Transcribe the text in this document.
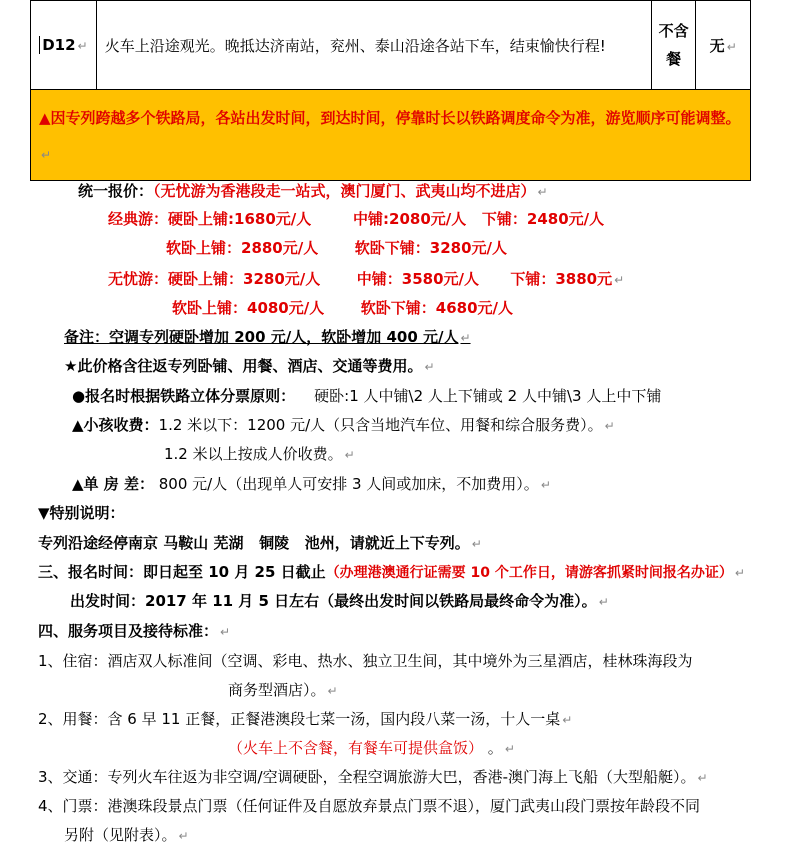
D12 ↵	火车上沿途观光。晚抵达济南站，兖州、泰山沿途各站下车，结束愉快行程!	不含
餐	无 ↵
▲因专列跨越多个铁路局，各站出发时间，到达时间，停靠时长以铁路调度命令为准，游览顺序可能调整。↵
统一报价：（无忧游为香港段走一站式，澳门厦门、武夷山均不进店） ↵
经典游：硬卧上铺:1680元/人        中铺:2080元/人   下铺：2480元/人
软卧上铺：2880元/人       软卧下铺：3280元/人
无忧游：硬卧上铺：3280元/人       中铺：3580元/人      下铺：3880元 ↵
软卧上铺：4080元/人       软卧下铺：4680元/人
备注：空调专列硬卧增加 200 元/人，软卧增加 400 元/人 ↵
★此价格含往返专列卧铺、用餐、酒店、交通等费用。 ↵
●报名时根据铁路立体分票原则： 硬卧:1 人中铺\2 人上下铺或 2 人中铺\3 人上中下铺
▲小孩收费：1.2 米以下：1200 元/人（只含当地汽车位、用餐和综合服务费）。 ↵
1.2 米以上按成人价收费。 ↵
▲单 房 差： 800 元/人（出现单人可安排 3 人间或加床，不加费用）。 ↵
▼特别说明：
专列沿途经停南京 马鞍山 芜湖   铜陵   池州，请就近上下专列。 ↵
三、报名时间：即日起至 10 月 25 日截止（办理港澳通行证需要 10 个工作日，请游客抓紧时间报名办证） ↵
出发时间：2017 年 11 月 5 日左右（最终出发时间以铁路局最终命令为准）。 ↵
四、服务项目及接待标准： ↵
1、住宿：酒店双人标准间（空调、彩电、热水、独立卫生间，其中境外为三星酒店，桂林珠海段为
商务型酒店）。 ↵
2、用餐：含 6 早 11 正餐，正餐港澳段七菜一汤，国内段八菜一汤，十人一桌 ↵
（火车上不含餐，有餐车可提供盒饭） 。 ↵
3、交通：专列火车往返为非空调/空调硬卧，全程空调旅游大巴，香港-澳门海上飞船（大型船艇）。 ↵
4、门票：港澳珠段景点门票（任何证件及自愿放弃景点门票不退），厦门武夷山段门票按年龄段不同
另附（见附表）。 ↵
